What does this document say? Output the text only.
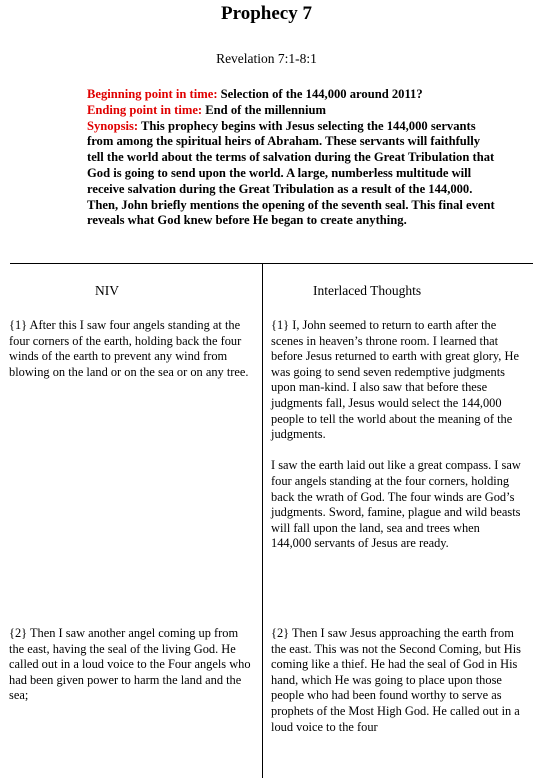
Prophecy 7
Revelation 7:1-8:1
Beginning point in time: Selection of the 144,000 around 2011?
Ending point in time: End of the millennium
Synopsis: This prophecy begins with Jesus selecting the 144,000 servants from among the spiritual heirs of Abraham. These servants will faithfully tell the world about the terms of salvation during the Great Tribulation that God is going to send upon the world. A large, numberless multitude will receive salvation during the Great Tribulation as a result of the 144,000. Then, John briefly mentions the opening of the seventh seal. This final event reveals what God knew before He began to create anything.
NIV	Interlaced Thoughts

{1} After this I saw four angels standing at the four corners of the earth, holding back the four winds of the earth to prevent any wind from blowing on the land or on the sea or on any tree.

{1} I, John seemed to return to earth after the scenes in heaven’s throne room. I learned that before Jesus returned to earth with great glory, He was going to send seven redemptive judgments upon man-kind. I also saw that before these judgments fall, Jesus would select the 144,000 people to tell the world about the meaning of the judgments.

I saw the earth laid out like a great compass. I saw four angels standing at the four corners, holding back the wrath of God. The four winds are God’s judgments. Sword, famine, plague and wild beasts will fall upon the land, sea and trees when 144,000 servants of Jesus are ready.

{2} Then I saw another angel coming up from the east, having the seal of the living God. He called out in a loud voice to the Four angels who had been given power to harm the land and the sea;

{2} Then I saw Jesus approaching the earth from the east. This was not the Second Coming, but His coming like a thief. He had the seal of God in His hand, which He was going to place upon those people who had been found worthy to serve as prophets of the Most High God. He called out in a loud voice to the four
